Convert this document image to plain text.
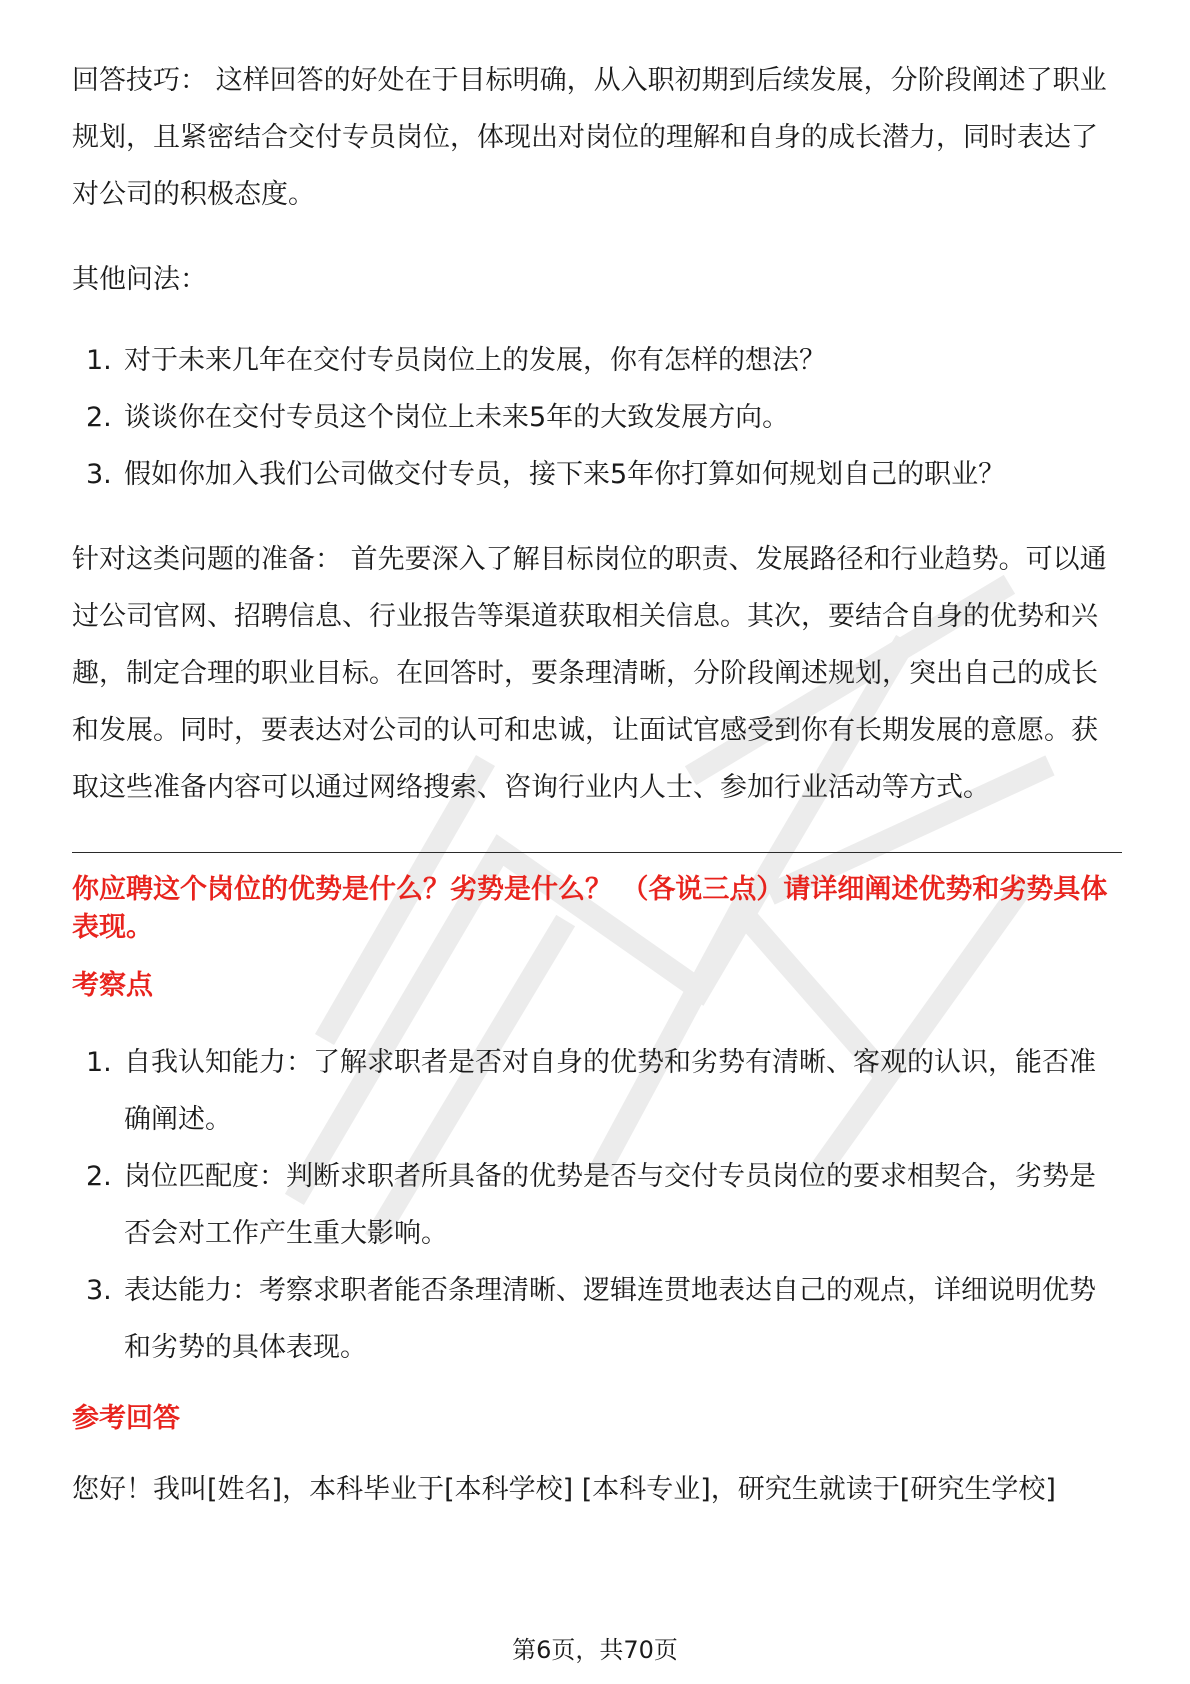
回答技巧： 这样回答的好处在于目标明确，从入职初期到后续发展，分阶段阐述了职业规划，且紧密结合交付专员岗位，体现出对岗位的理解和自身的成长潜力，同时表达了对公司的积极态度。

其他问法：

1. 对于未来几年在交付专员岗位上的发展，你有怎样的想法？
2. 谈谈你在交付专员这个岗位上未来5年的大致发展方向。
3. 假如你加入我们公司做交付专员，接下来5年你打算如何规划自己的职业？

针对这类问题的准备： 首先要深入了解目标岗位的职责、发展路径和行业趋势。可以通过公司官网、招聘信息、行业报告等渠道获取相关信息。其次，要结合自身的优势和兴趣，制定合理的职业目标。在回答时，要条理清晰，分阶段阐述规划，突出自己的成长和发展。同时，要表达对公司的认可和忠诚，让面试官感受到你有长期发展的意愿。获取这些准备内容可以通过网络搜索、咨询行业内人士、参加行业活动等方式。

你应聘这个岗位的优势是什么？劣势是什么？ （各说三点）请详细阐述优势和劣势具体表现。
考察点
1. 自我认知能力：了解求职者是否对自身的优势和劣势有清晰、客观的认识，能否准确阐述。
2. 岗位匹配度：判断求职者所具备的优势是否与交付专员岗位的要求相契合，劣势是否会对工作产生重大影响。
3. 表达能力：考察求职者能否条理清晰、逻辑连贯地表达自己的观点，详细说明优势和劣势的具体表现。
参考回答

您好！我叫[姓名]，本科毕业于[本科学校] [本科专业]，研究生就读于[研究生学校]

第6页，共70页
